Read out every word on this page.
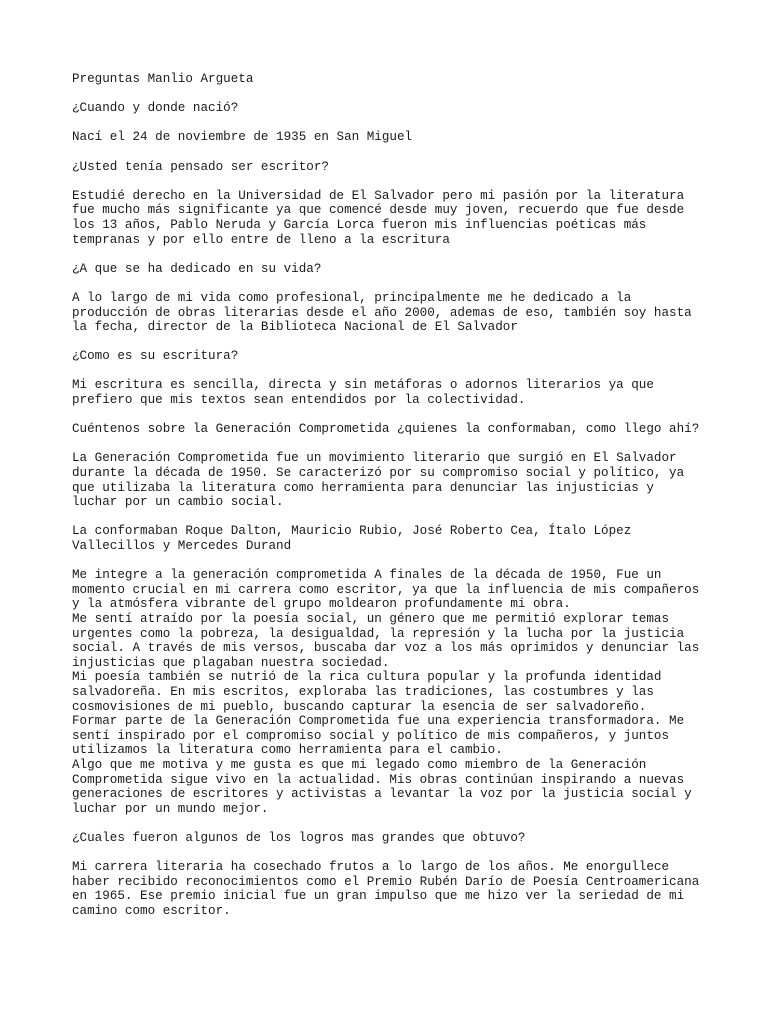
Preguntas Manlio Argueta

¿Cuando y donde nació?

Nací el 24 de noviembre de 1935 en San Miguel

¿Usted tenía pensado ser escritor?

Estudié derecho en la Universidad de El Salvador pero mi pasión por la literatura
fue mucho más significante ya que comencé desde muy joven, recuerdo que fue desde
los 13 años, Pablo Neruda y García Lorca fueron mis influencias poéticas más
tempranas y por ello entre de lleno a la escritura

¿A que se ha dedicado en su vida?

A lo largo de mi vida como profesional, principalmente me he dedicado a la
producción de obras literarias desde el año 2000, ademas de eso, también soy hasta
la fecha, director de la Biblioteca Nacional de El Salvador

¿Como es su escritura?

Mi escritura es sencilla, directa y sin metáforas o adornos literarios ya que
prefiero que mis textos sean entendidos por la colectividad.

Cuéntenos sobre la Generación Comprometida ¿quienes la conformaban, como llego ahí?

La Generación Comprometida fue un movimiento literario que surgió en El Salvador
durante la década de 1950. Se caracterizó por su compromiso social y político, ya
que utilizaba la literatura como herramienta para denunciar las injusticias y
luchar por un cambio social.

La conformaban Roque Dalton, Mauricio Rubio, José Roberto Cea, Ítalo López
Vallecillos y Mercedes Durand

Me integre a la generación comprometida A finales de la década de 1950, Fue un
momento crucial en mi carrera como escritor, ya que la influencia de mis compañeros
y la atmósfera vibrante del grupo moldearon profundamente mi obra.
Me sentí atraído por la poesía social, un género que me permitió explorar temas
urgentes como la pobreza, la desigualdad, la represión y la lucha por la justicia
social. A través de mis versos, buscaba dar voz a los más oprimidos y denunciar las
injusticias que plagaban nuestra sociedad.
Mi poesía también se nutrió de la rica cultura popular y la profunda identidad
salvadoreña. En mis escritos, exploraba las tradiciones, las costumbres y las
cosmovisiones de mi pueblo, buscando capturar la esencia de ser salvadoreño.
Formar parte de la Generación Comprometida fue una experiencia transformadora. Me
sentí inspirado por el compromiso social y político de mis compañeros, y juntos
utilizamos la literatura como herramienta para el cambio.
Algo que me motiva y me gusta es que mi legado como miembro de la Generación
Comprometida sigue vivo en la actualidad. Mis obras continúan inspirando a nuevas
generaciones de escritores y activistas a levantar la voz por la justicia social y
luchar por un mundo mejor.

¿Cuales fueron algunos de los logros mas grandes que obtuvo?

Mi carrera literaria ha cosechado frutos a lo largo de los años. Me enorgullece
haber recibido reconocimientos como el Premio Rubén Darío de Poesía Centroamericana
en 1965. Ese premio inicial fue un gran impulso que me hizo ver la seriedad de mi
camino como escritor.
